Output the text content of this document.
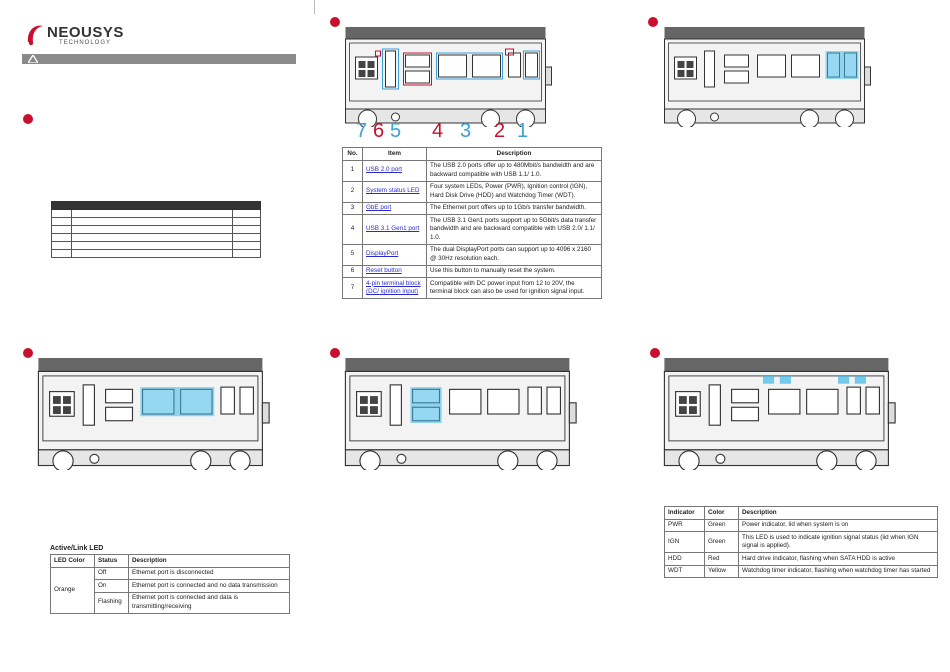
NEOUSYS
TECHNOLOGY

7 6 5 4 3 2 1
No.	Item	Description
1	USB 2.0 port	The USB 2.0 ports offer up to 480Mbit/s bandwidth and are backward compatible with USB 1.1/ 1.0.
2	System status LED	Four system LEDs, Power (PWR), Ignition control (IGN), Hard Disk Drive (HDD) and Watchdog Timer (WDT).
3	GbE port	The Ethernet port offers up to 1Gb/s transfer bandwidth.
4	USB 3.1 Gen1 port	The USB 3.1 Gen1 ports support up to 5Gbit/s data transfer bandwidth and are backward compatible with USB 2.0/ 1.1/ 1.0.
5	DisplayPort	The dual DisplayPort ports can support up to 4096 x 2160 @ 30Hz resolution each.
6	Reset button	Use this button to manually reset the system.
7	4-pin terminal block (DC/ ignition input)	Compatible with DC power input from 12 to 20V, the terminal block can also be used for ignition signal input.
Active/Link LED
LED Color	Status	Description
Orange	Off	Ethernet port is disconnected
	On	Ethernet port is connected and no data transmission
	Flashing	Ethernet port is connected and data is transmitting/receiving
Indicator	Color	Description
PWR	Green	Power indicator, lid when system is on
IGN	Green	This LED is used to indicate ignition signal status (lid when IGN signal is applied).
HDD	Red	Hard drive indicator, flashing when SATA HDD is active
WDT	Yellow	Watchdog timer indicator, flashing when watchdog timer has started
